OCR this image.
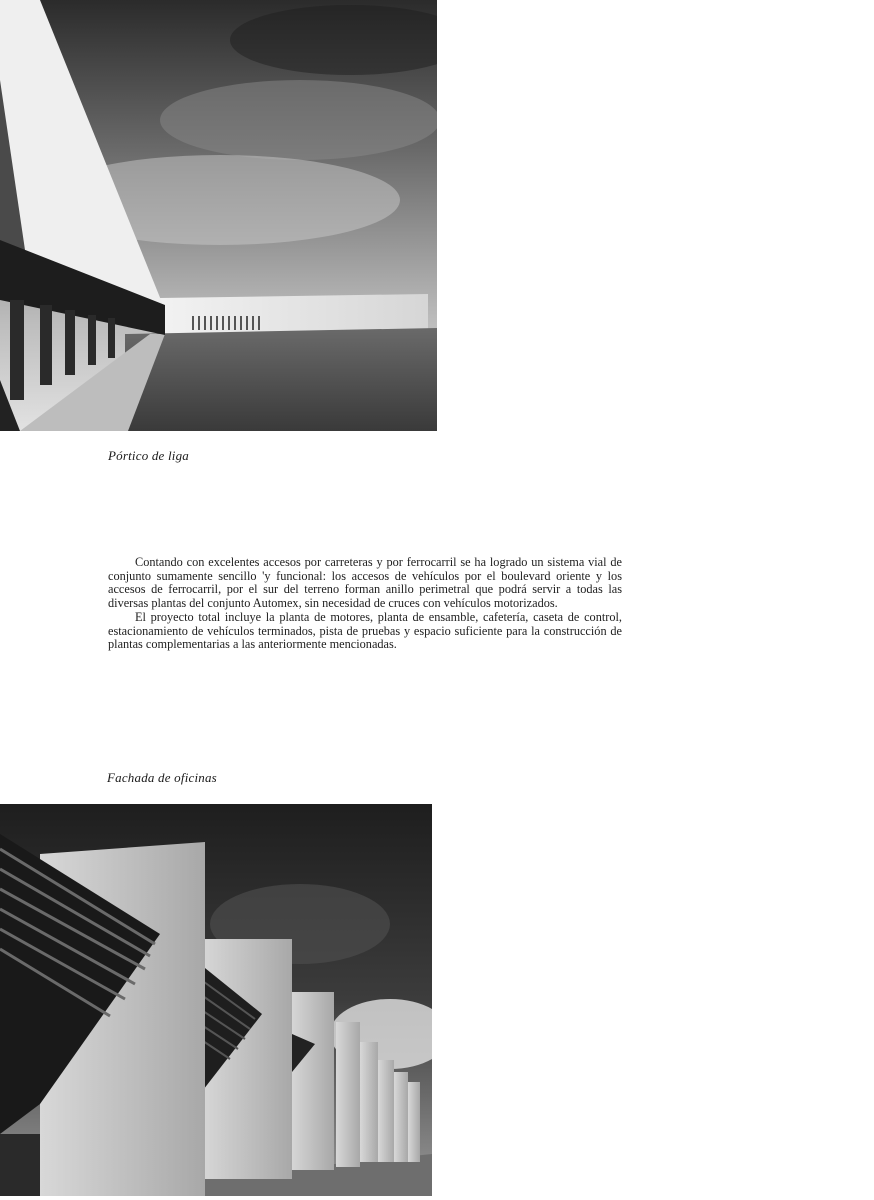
Pórtico de liga

Contando con excelentes accesos por carreteras y por ferrocarril se ha logrado un sistema vial de conjunto sumamente sencillo 'y funcional: los accesos de vehículos por el boulevard oriente y los accesos de ferrocarril, por el sur del terreno forman anillo perimetral que podrá servir a todas las diversas plantas del conjunto Automex, sin necesidad de cruces con vehículos motorizados.

El proyecto total incluye la planta de motores, planta de ensamble, cafetería, caseta de control, estacionamiento de vehículos terminados, pista de pruebas y espacio suficiente para la construcción de plantas complementarias a las anteriormente mencionadas.

Fachada de oficinas
